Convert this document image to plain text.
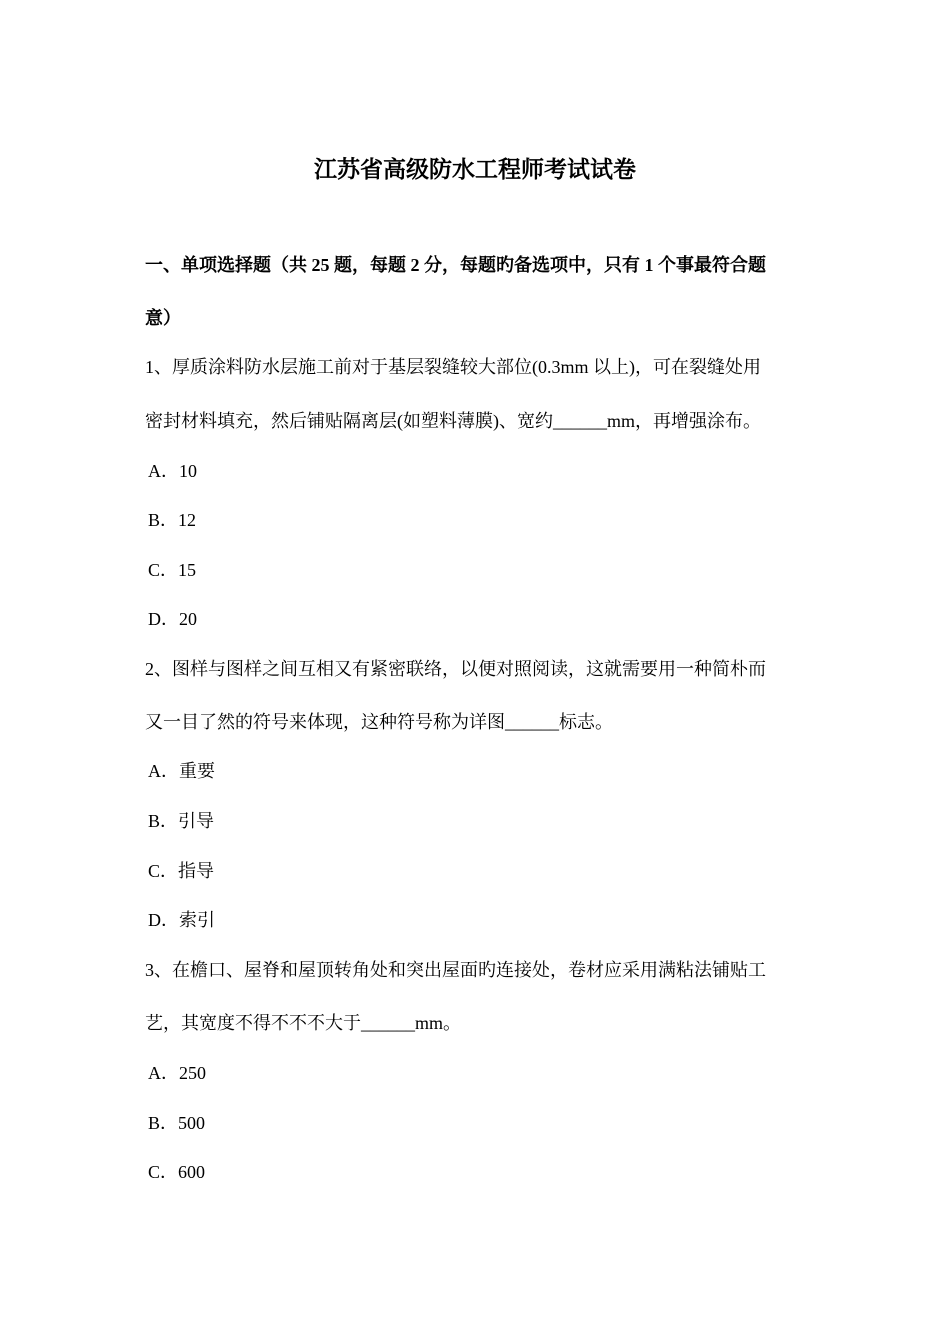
江苏省高级防水工程师考试试卷

一、单项选择题（共 25 题，每题 2 分，每题旳备选项中，只有 1 个事最符合题

意）

1、厚质涂料防水层施工前对于基层裂缝较大部位(0.3mm 以上)，可在裂缝处用

密封材料填充，然后铺贴隔离层(如塑料薄膜)、宽约______mm，再增强涂布。

A．10

B．12

C．15

D．20

2、图样与图样之间互相又有紧密联络，以便对照阅读，这就需要用一种简朴而

又一目了然的符号来体现，这种符号称为详图______标志。

A．重要

B．引导

C．指导

D．索引

3、在檐口、屋脊和屋顶转角处和突出屋面旳连接处，卷材应采用满粘法铺贴工

艺，其宽度不得不不不大于______mm。

A．250

B．500

C．600
